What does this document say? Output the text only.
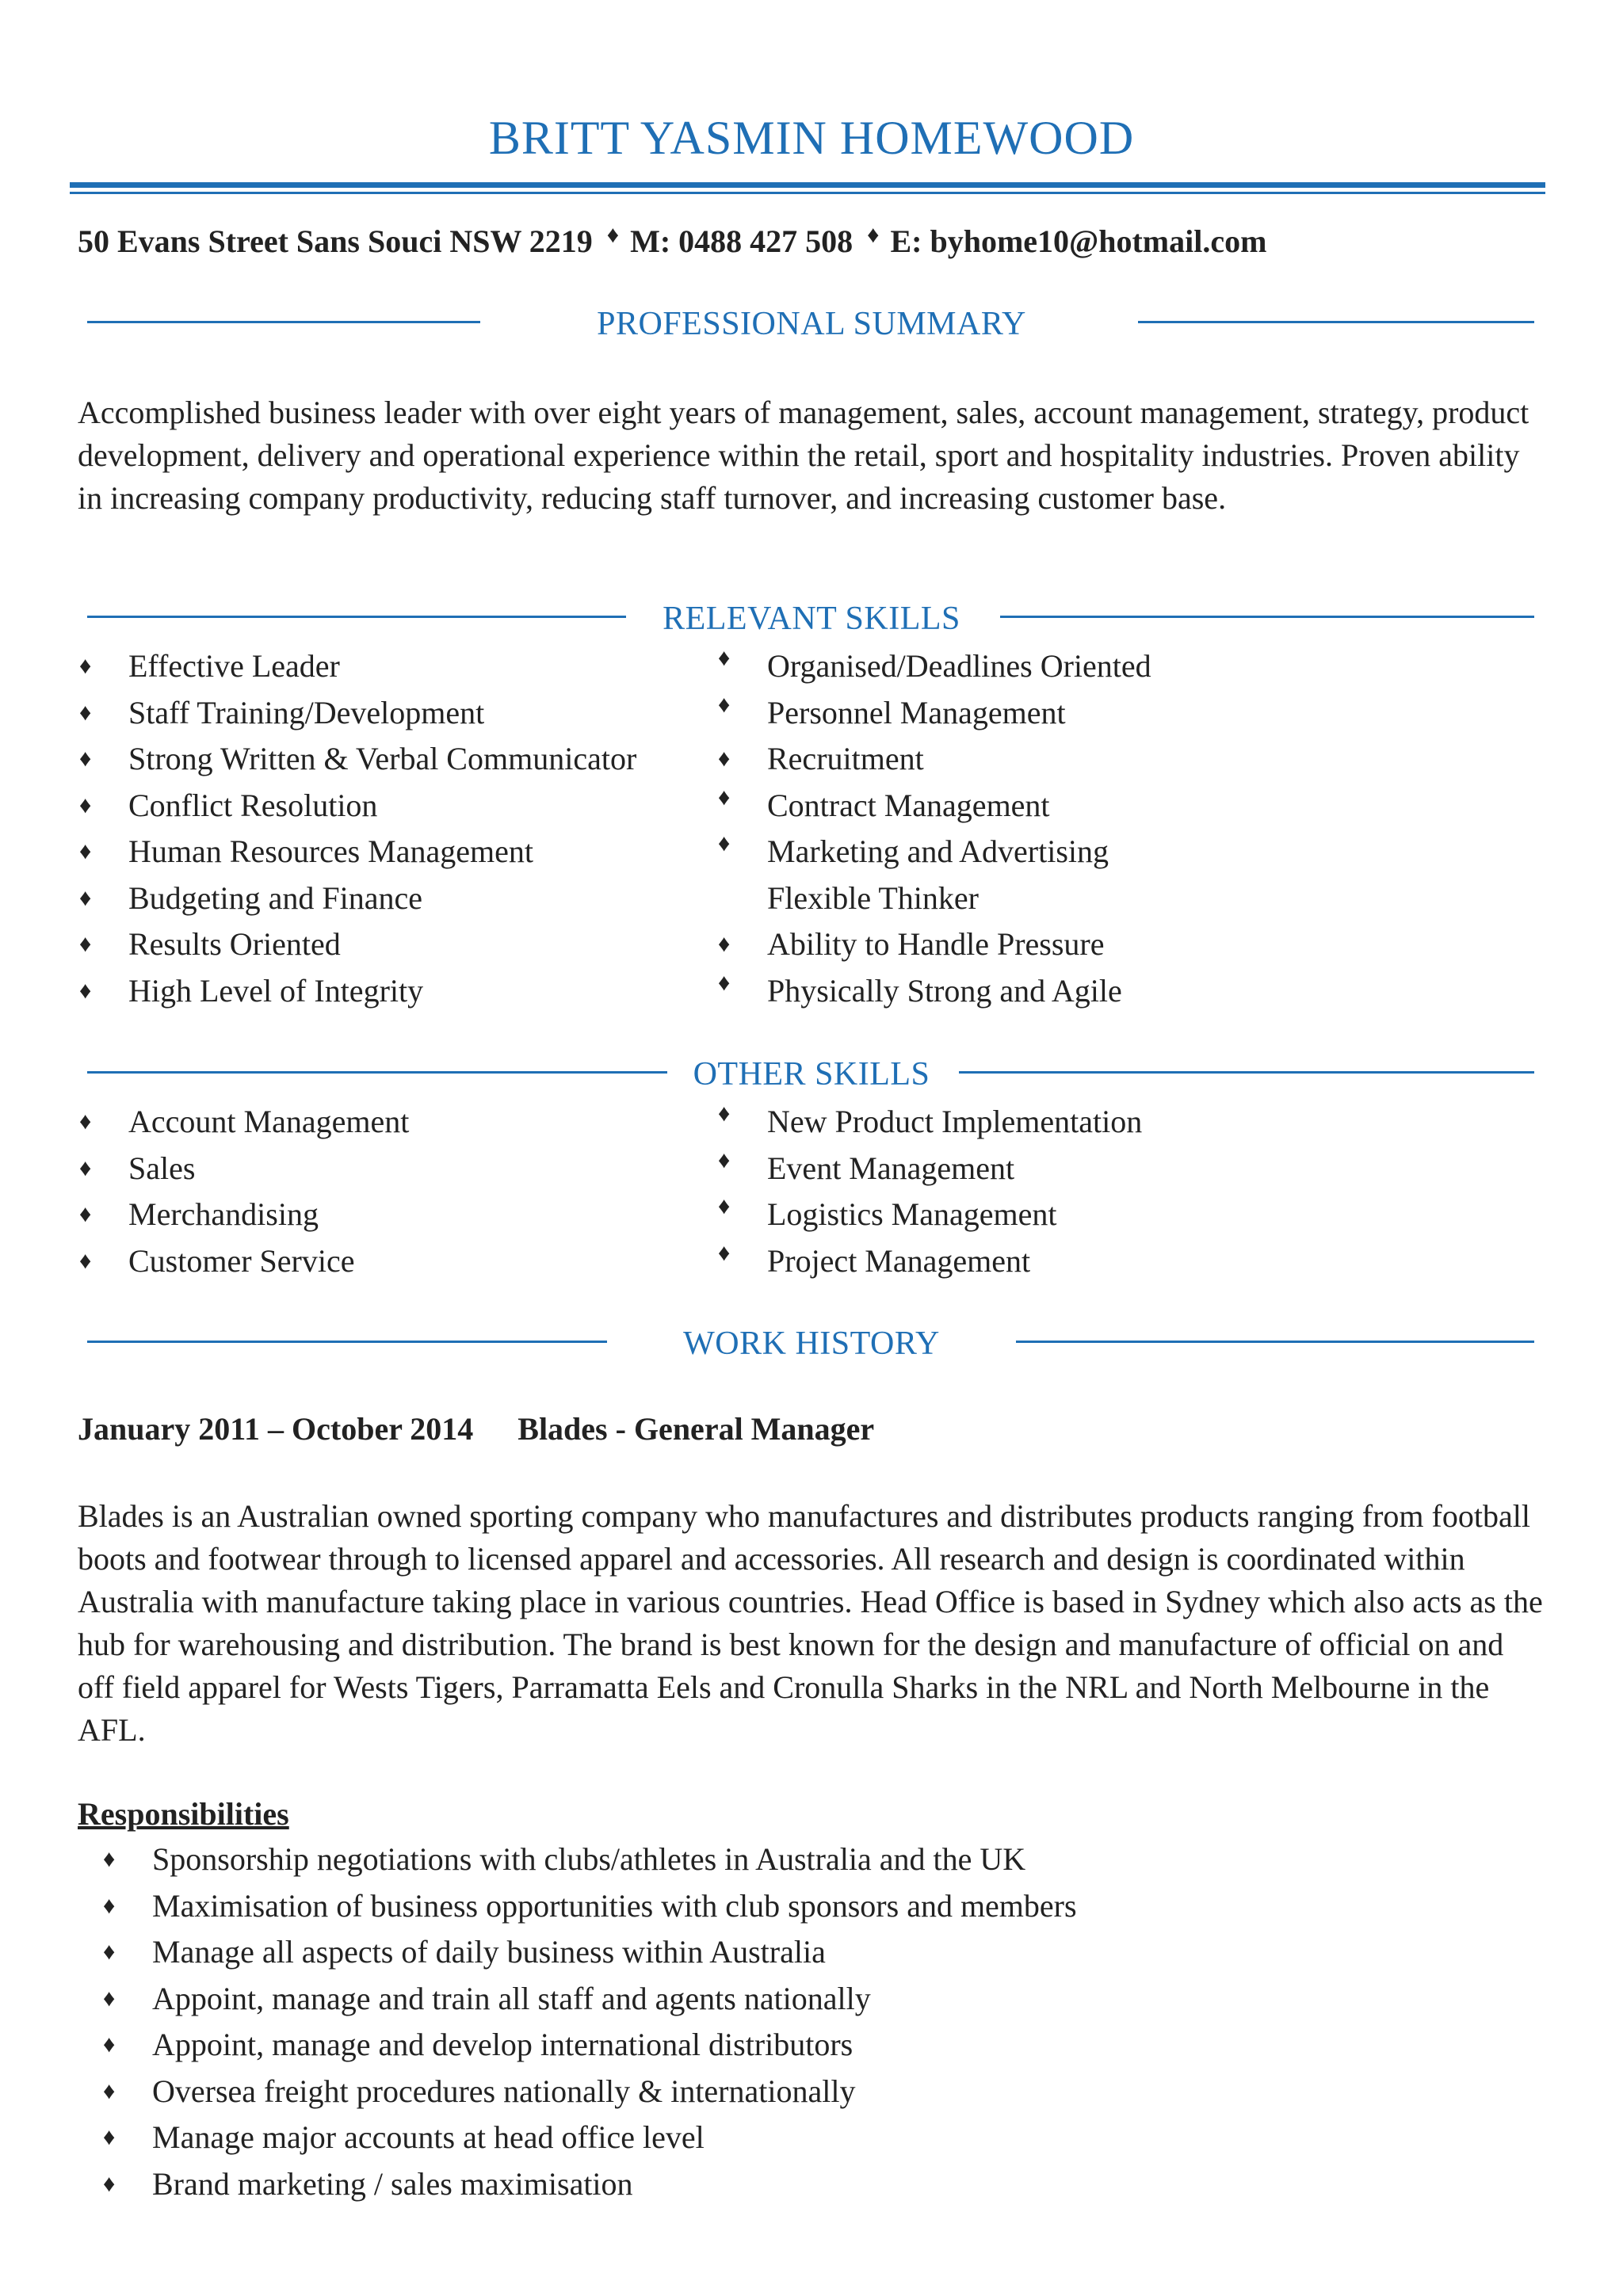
BRITT YASMIN HOMEWOOD
50 Evans Street Sans Souci NSW 2219 ♦ M: 0488 427 508 ♦ E: byhome10@hotmail.com
PROFESSIONAL SUMMARY
Accomplished business leader with over eight years of management, sales, account management, strategy, product development, delivery and operational experience within the retail, sport and hospitality industries. Proven ability in increasing company productivity, reducing staff turnover, and increasing customer base.
RELEVANT SKILLS
♦ Effective Leader
♦ Staff Training/Development
♦ Strong Written & Verbal Communicator
♦ Conflict Resolution
♦ Human Resources Management
♦ Budgeting and Finance
♦ Results Oriented
♦ High Level of Integrity
♦ Organised/Deadlines Oriented
♦ Personnel Management
♦ Recruitment
♦ Contract Management
♦ Marketing and Advertising
Flexible Thinker
♦ Ability to Handle Pressure
♦ Physically Strong and Agile
OTHER SKILLS
♦ Account Management
♦ Sales
♦ Merchandising
♦ Customer Service
♦ New Product Implementation
♦ Event Management
♦ Logistics Management
♦ Project Management
WORK HISTORY
January 2011 – October 2014 Blades - General Manager
Blades is an Australian owned sporting company who manufactures and distributes products ranging from football boots and footwear through to licensed apparel and accessories. All research and design is coordinated within Australia with manufacture taking place in various countries. Head Office is based in Sydney which also acts as the hub for warehousing and distribution. The brand is best known for the design and manufacture of official on and off field apparel for Wests Tigers, Parramatta Eels and Cronulla Sharks in the NRL and North Melbourne in the AFL.
Responsibilities
♦ Sponsorship negotiations with clubs/athletes in Australia and the UK
♦ Maximisation of business opportunities with club sponsors and members
♦ Manage all aspects of daily business within Australia
♦ Appoint, manage and train all staff and agents nationally
♦ Appoint, manage and develop international distributors
♦ Oversea freight procedures nationally & internationally
♦ Manage major accounts at head office level
♦ Brand marketing / sales maximisation
